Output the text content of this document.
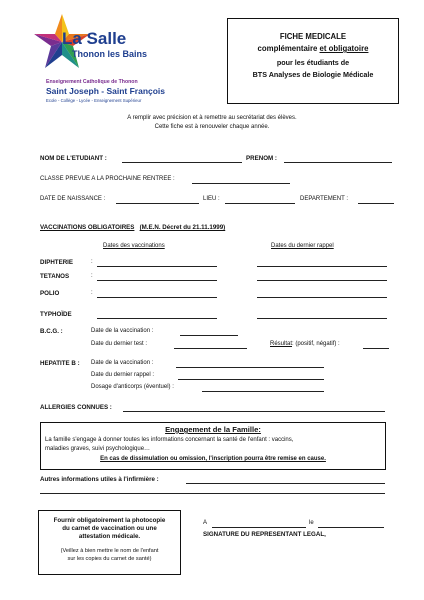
La Salle
Thonon les Bains
Enseignement Catholique de Thonon
Saint Joseph - Saint François
Ecole - Collège - Lycée - Enseignement Supérieur
FICHE MEDICALE
complémentaire et obligatoire
pour les étudiants de
BTS Analyses de Biologie Médicale
A remplir avec précision et à remettre au secrétariat des élèves.
Cette fiche est à renouveler chaque année.
NOM DE L'ETUDIANT :	PRENOM :
CLASSE PREVUE A LA PROCHAINE RENTREE :
DATE DE NAISSANCE :	LIEU :	DEPARTEMENT :
VACCINATIONS OBLIGATOIRES (M.E.N. Décret du 21.11.1999)
Dates des vaccinations	Dates du dernier rappel
DIPHTERIE	:
TETANOS	:
POLIO	:
TYPHOÏDE
B.C.G. :	Date de la vaccination :
Date du dernier test :	Résultat: (positif, négatif) :
HEPATITE B : Date de la vaccination :
Date du dernier rappel :
Dosage d'anticorps (éventuel) :
ALLERGIES CONNUES :
Engagement de la Famille:
La famille s'engage à donner toutes les informations concernant la santé de l'enfant : vaccins,
maladies graves, suivi psychologique…
En cas de dissimulation ou omission, l'inscription pourra être remise en cause.
Autres informations utiles à l'infirmière :
Fournir obligatoirement la photocopie
du carnet de vaccination ou une
attestation médicale.
(Veillez à bien mettre le nom de l'enfant
sur les copies du carnet de santé)
A	le
SIGNATURE DU REPRESENTANT LEGAL,
